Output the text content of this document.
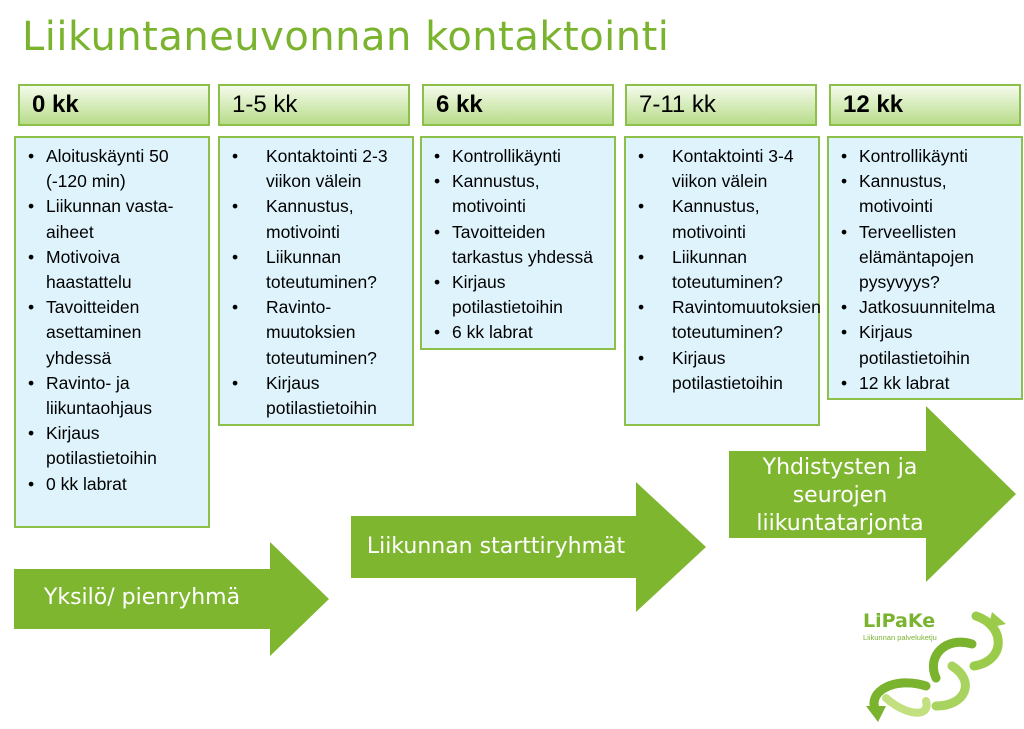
Liikuntaneuvonnan kontaktointi
0 kk
• Aloituskäynti 50 (-120 min)
• Liikunnan vasta-aiheet
• Motivoiva haastattelu
• Tavoitteiden asettaminen yhdessä
• Ravinto- ja liikuntaohjaus
• Kirjaus potilastietoihin
• 0 kk labrat
1-5 kk
• Kontaktointi 2-3 viikon välein
• Kannustus, motivointi
• Liikunnan toteutuminen?
• Ravinto-muutoksien toteutuminen?
• Kirjaus potilastietoihin
6 kk
• Kontrollikäynti
• Kannustus, motivointi
• Tavoitteiden tarkastus yhdessä
• Kirjaus potilastietoihin
• 6 kk labrat
7-11 kk
• Kontaktointi 3-4 viikon välein
• Kannustus, motivointi
• Liikunnan toteutuminen?
• Ravintomuutoksien toteutuminen?
• Kirjaus potilastietoihin
12 kk
• Kontrollikäynti
• Kannustus, motivointi
• Terveellisten elämäntapojen pysyvyys?
• Jatkosuunnitelma
• Kirjaus potilastietoihin
• 12 kk labrat
Yksilö/ pienryhmä
Liikunnan starttiryhmät
Yhdistysten ja
seurojen
liikuntatarjonta
LiPaKe
Liikunnan palveluketju
